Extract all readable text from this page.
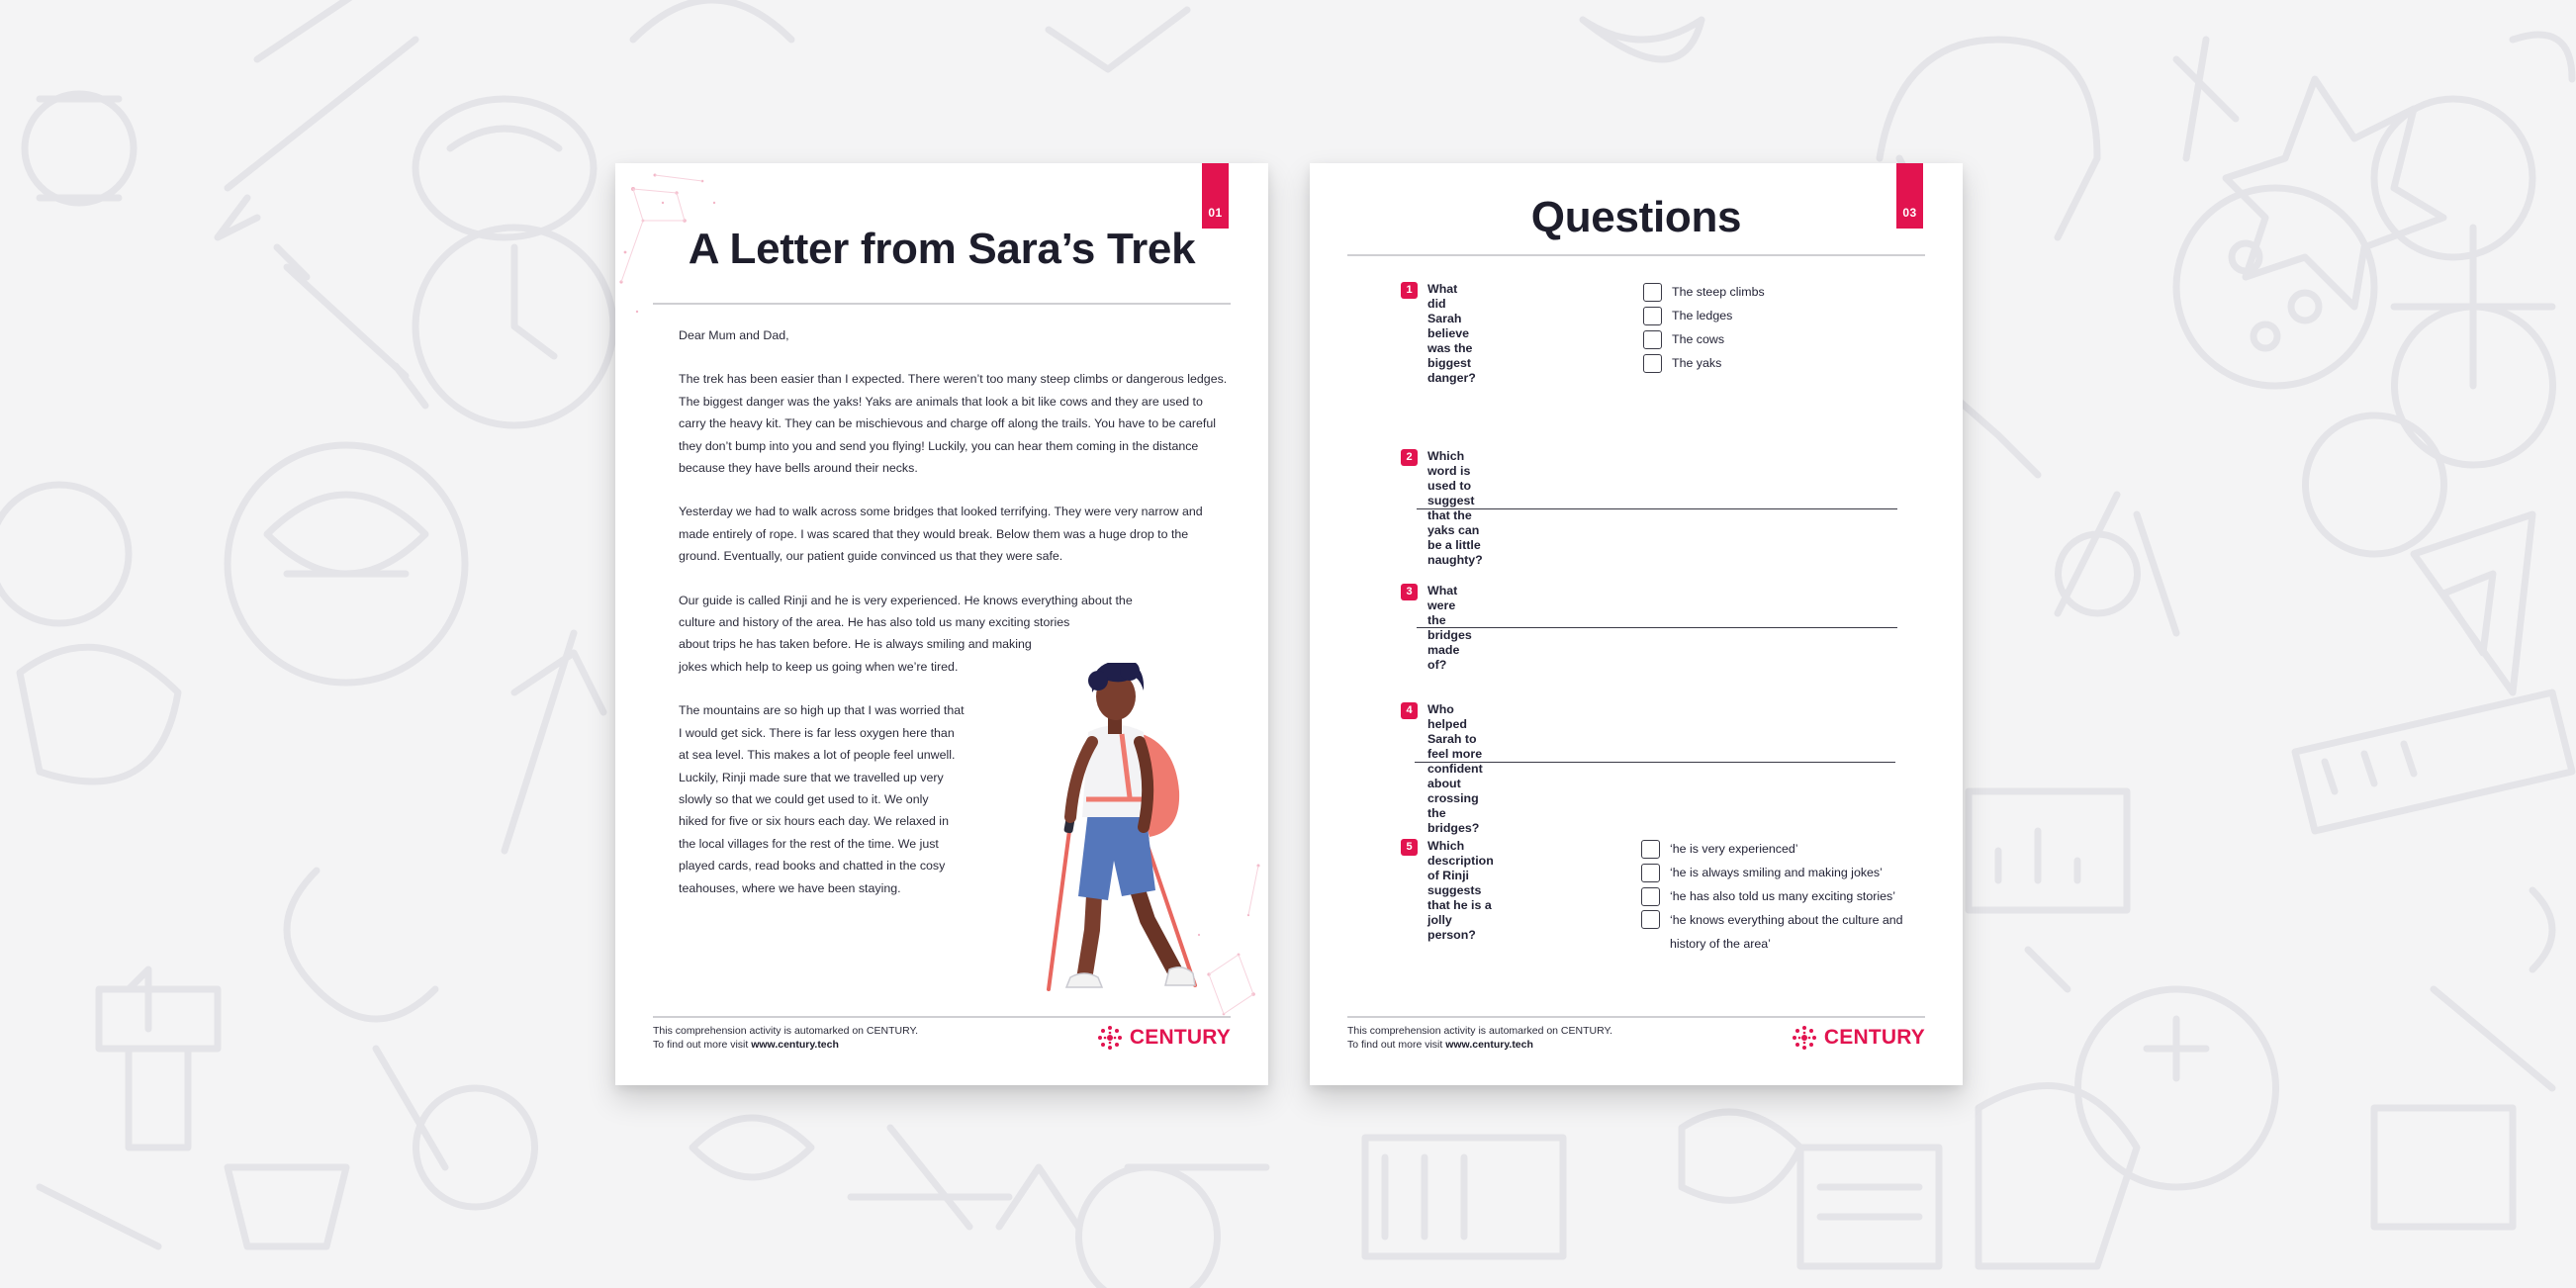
01
A Letter from Sara’s Trek

Dear Mum and Dad,

The trek has been easier than I expected. There weren’t too many steep climbs or dangerous ledges. The biggest danger was the yaks! Yaks are animals that look a bit like cows and they are used to carry the heavy kit. They can be mischievous and charge off along the trails. You have to be careful they don’t bump into you and send you flying! Luckily, you can hear them coming in the distance because they have bells around their necks.

Yesterday we had to walk across some bridges that looked terrifying. They were very narrow and made entirely of rope. I was scared that they would break. Below them was a huge drop to the ground. Eventually, our patient guide convinced us that they were safe.

Our guide is called Rinji and he is very experienced. He knows everything about the
culture and history of the area. He has also told us many exciting stories
about trips he has taken before. He is always smiling and making
jokes which help to keep us going when we’re tired.

The mountains are so high up that I was worried that
I would get sick. There is far less oxygen here than
at sea level. This makes a lot of people feel unwell.
Luckily, Rinji made sure that we travelled up very
slowly so that we could get used to it. We only
hiked for five or six hours each day. We relaxed in
the local villages for the rest of the time. We just
played cards, read books and chatted in the cosy
teahouses, where we have been staying.

This comprehension activity is automarked on CENTURY.
To find out more visit www.century.tech	CENTURY
03
Questions
1	What did Sarah believe was the
biggest danger?
The steep climbs
The ledges
The cows
The yaks
2	Which word is used to suggest that the yaks can
be a little naughty?
3	What were the bridges made of?
4	Who helped Sarah to feel more confident about
crossing the bridges?
5	Which description of Rinji
suggests that he is a jolly person?
‘he is very experienced’
‘he is always smiling and making jokes’
‘he has also told us many exciting stories’
‘he knows everything about the culture and history of the area’
This comprehension activity is automarked on CENTURY.
To find out more visit www.century.tech	CENTURY
